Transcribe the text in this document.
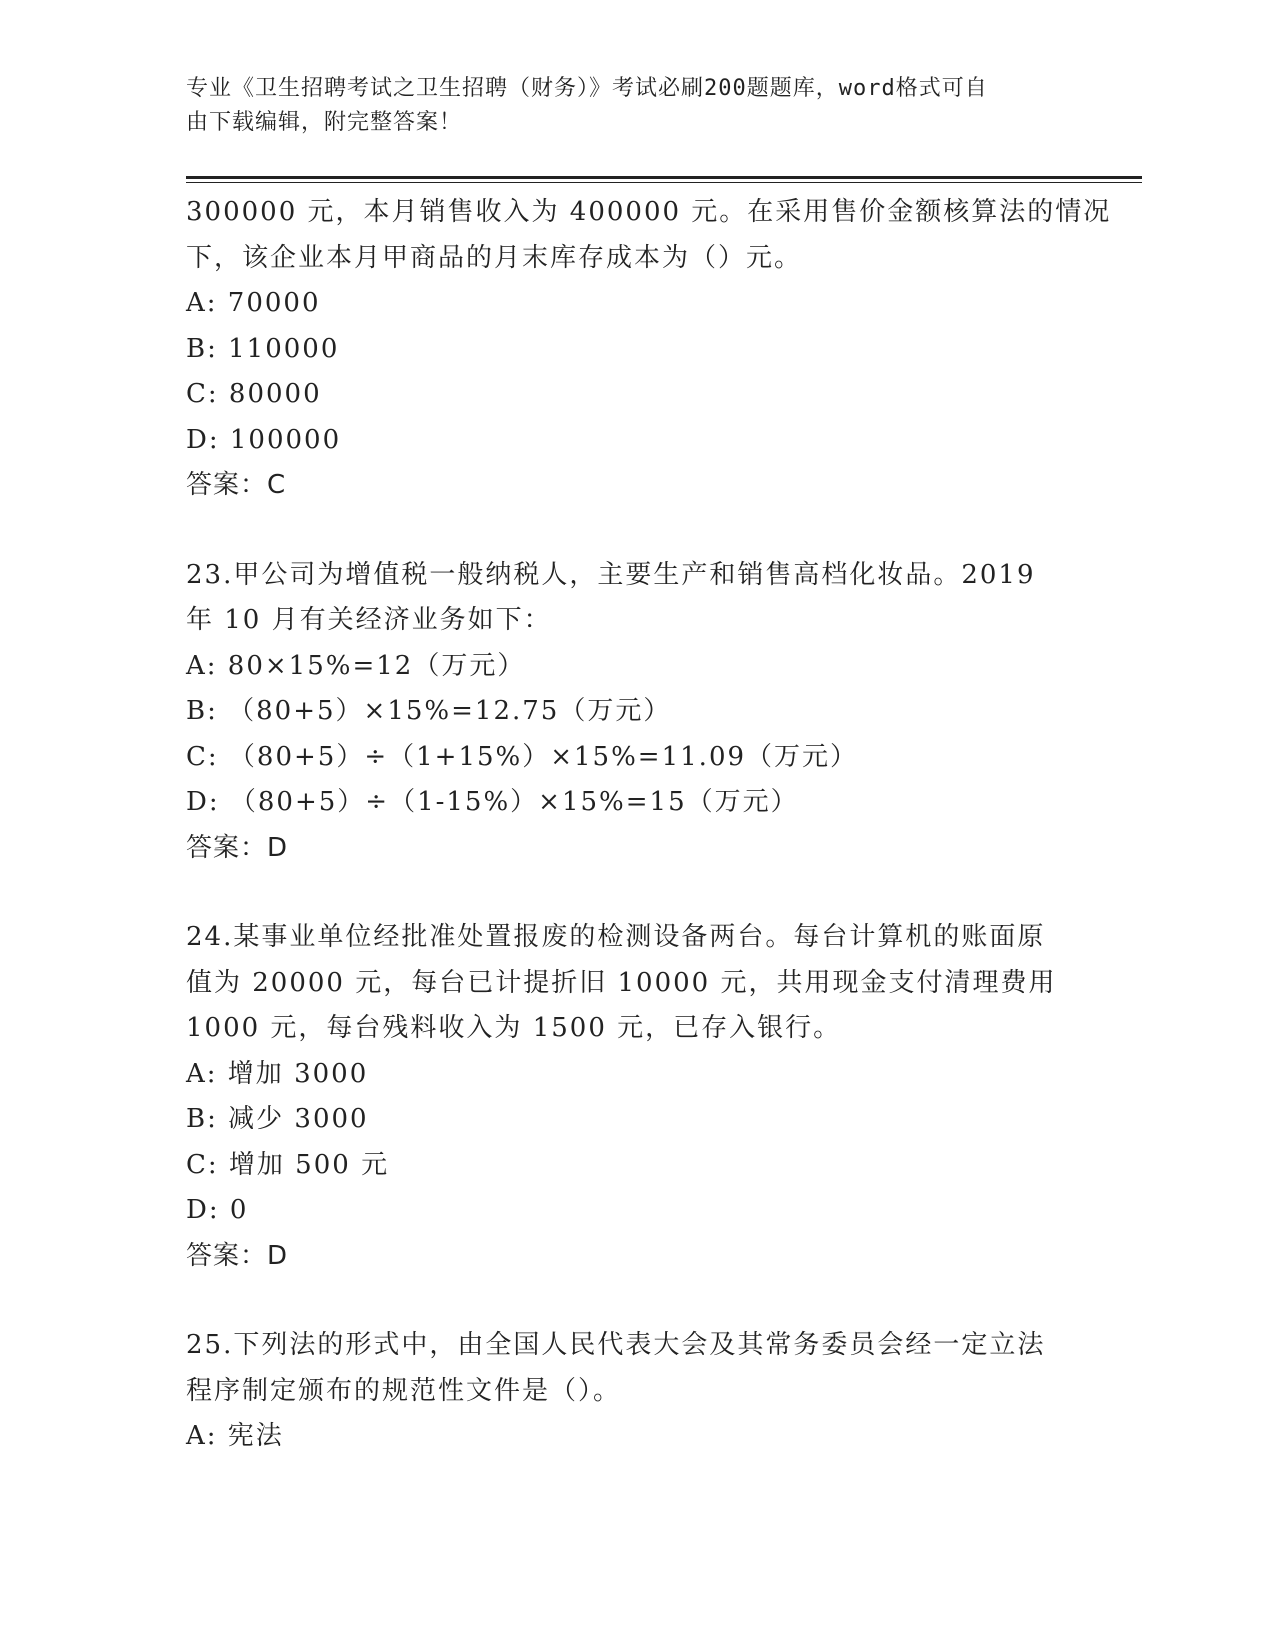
专业《卫生招聘考试之卫生招聘（财务）》考试必刷200题题库，word格式可自
由下载编辑，附完整答案！
300000 元，本月销售收入为 400000 元。在采用售价金额核算法的情况
下，该企业本月甲商品的月末库存成本为（）元。
A: 70000
B: 110000
C: 80000
D: 100000
答案：C
23.甲公司为增值税一般纳税人，主要生产和销售高档化妆品。2019
年 10 月有关经济业务如下：
A: 80×15%=12（万元）
B: （80+5）×15%=12.75（万元）
C: （80+5）÷（1+15%）×15%=11.09（万元）
D: （80+5）÷（1-15%）×15%=15（万元）
答案：D
24.某事业单位经批准处置报废的检测设备两台。每台计算机的账面原
值为 20000 元，每台已计提折旧 10000 元，共用现金支付清理费用
1000 元，每台残料收入为 1500 元，已存入银行。
A: 增加 3000
B: 减少 3000
C: 增加 500 元
D: 0
答案：D
25.下列法的形式中，由全国人民代表大会及其常务委员会经一定立法
程序制定颁布的规范性文件是（）。
A: 宪法
